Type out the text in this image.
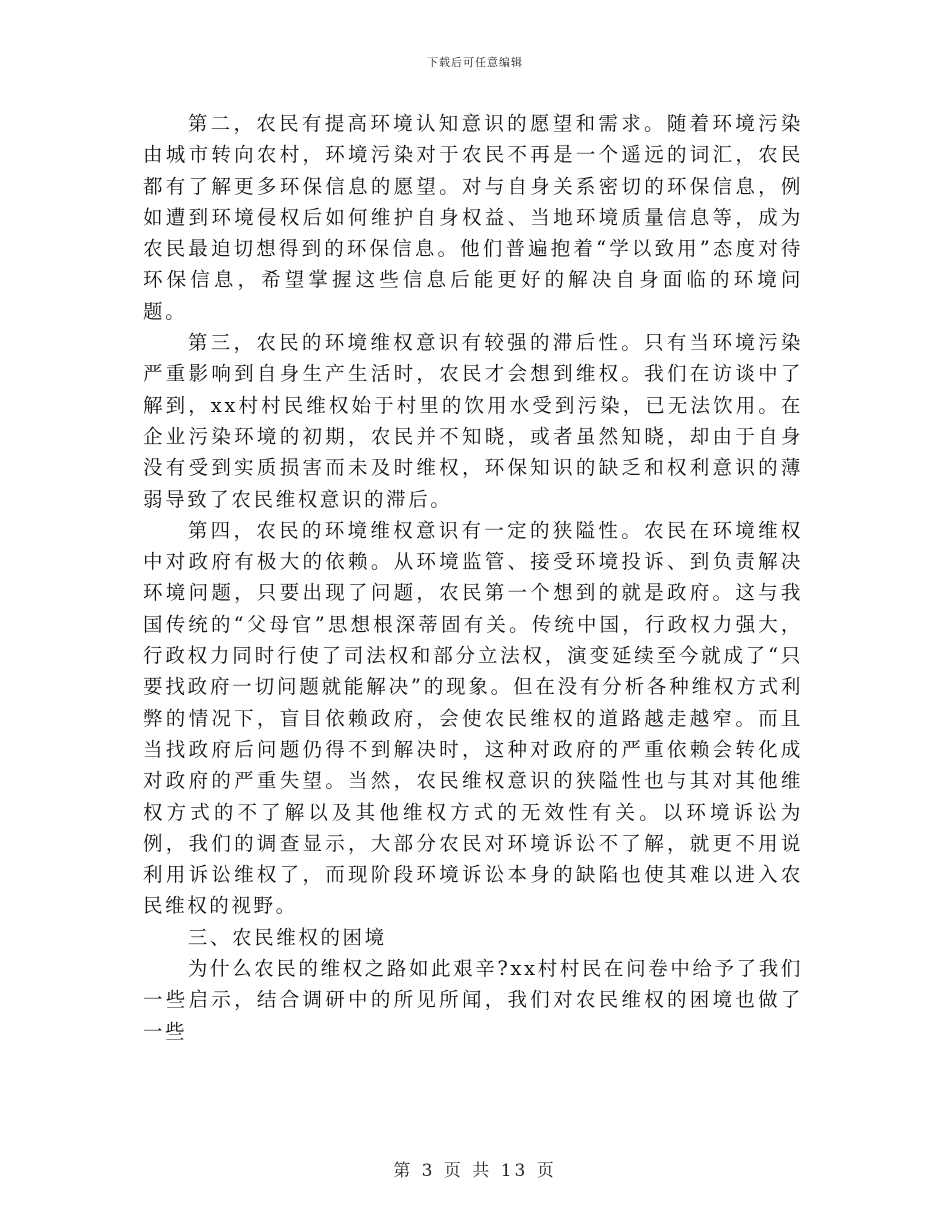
下载后可任意编辑

第二，农民有提高环境认知意识的愿望和需求。随着环境污染由城市转向农村，环境污染对于农民不再是一个遥远的词汇，农民都有了解更多环保信息的愿望。对与自身关系密切的环保信息，例如遭到环境侵权后如何维护自身权益、当地环境质量信息等，成为农民最迫切想得到的环保信息。他们普遍抱着“学以致用”态度对待环保信息，希望掌握这些信息后能更好的解决自身面临的环境问题。

第三，农民的环境维权意识有较强的滞后性。只有当环境污染严重影响到自身生产生活时，农民才会想到维权。我们在访谈中了解到，xx村村民维权始于村里的饮用水受到污染，已无法饮用。在企业污染环境的初期，农民并不知晓，或者虽然知晓，却由于自身没有受到实质损害而未及时维权，环保知识的缺乏和权利意识的薄弱导致了农民维权意识的滞后。

第四，农民的环境维权意识有一定的狭隘性。农民在环境维权中对政府有极大的依赖。从环境监管、接受环境投诉、到负责解决环境问题，只要出现了问题，农民第一个想到的就是政府。这与我国传统的“父母官”思想根深蒂固有关。传统中国，行政权力强大，行政权力同时行使了司法权和部分立法权，演变延续至今就成了“只要找政府一切问题就能解决”的现象。但在没有分析各种维权方式利弊的情况下，盲目依赖政府，会使农民维权的道路越走越窄。而且当找政府后问题仍得不到解决时，这种对政府的严重依赖会转化成对政府的严重失望。当然，农民维权意识的狭隘性也与其对其他维权方式的不了解以及其他维权方式的无效性有关。以环境诉讼为例，我们的调查显示，大部分农民对环境诉讼不了解，就更不用说利用诉讼维权了，而现阶段环境诉讼本身的缺陷也使其难以进入农民维权的视野。

三、农民维权的困境

为什么农民的维权之路如此艰辛?xx村村民在问卷中给予了我们一些启示，结合调研中的所见所闻，我们对农民维权的困境也做了一些

第 3 页 共 13 页
